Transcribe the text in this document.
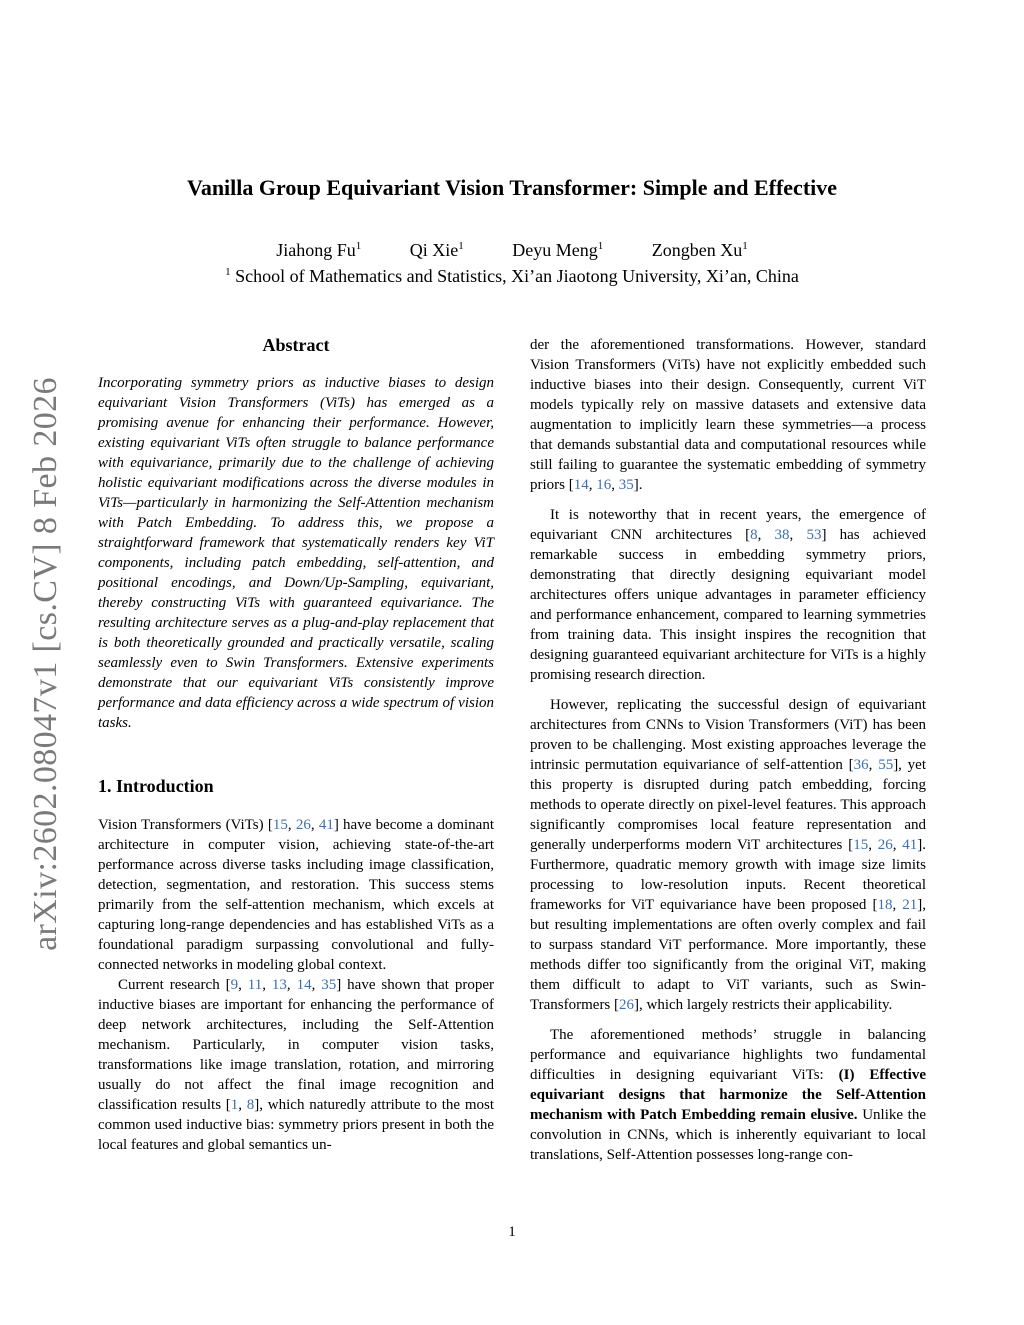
arXiv:2602.08047v1 [cs.CV] 8 Feb 2026
Vanilla Group Equivariant Vision Transformer: Simple and Effective
Jiahong Fu$^1$	Qi Xie$^1$	Deyu Meng$^1$	Zongben Xu$^1$
$^1$ School of Mathematics and Statistics, Xi’an Jiaotong University, Xi’an, China
Abstract

Incorporating symmetry priors as inductive biases to design equivariant Vision Transformers (ViTs) has emerged as a promising avenue for enhancing their performance. However, existing equivariant ViTs often struggle to balance performance with equivariance, primarily due to the challenge of achieving holistic equivariant modifications across the diverse modules in ViTs—particularly in harmonizing the Self-Attention mechanism with Patch Embedding. To address this, we propose a straightforward framework that systematically renders key ViT components, including patch embedding, self-attention, and positional encodings, and Down/Up-Sampling, equivariant, thereby constructing ViTs with guaranteed equivariance. The resulting architecture serves as a plug-and-play replacement that is both theoretically grounded and practically versatile, scaling seamlessly even to Swin Transformers. Extensive experiments demonstrate that our equivariant ViTs consistently improve performance and data efficiency across a wide spectrum of vision tasks.

1. Introduction

Vision Transformers (ViTs) [15, 26, 41] have become a dominant architecture in computer vision, achieving state-of-the-art performance across diverse tasks including image classification, detection, segmentation, and restoration. This success stems primarily from the self-attention mechanism, which excels at capturing long-range dependencies and has established ViTs as a foundational paradigm surpassing convolutional and fully-connected networks in modeling global context.

Current research [9, 11, 13, 14, 35] have shown that proper inductive biases are important for enhancing the performance of deep network architectures, including the Self-Attention mechanism. Particularly, in computer vision tasks, transformations like image translation, rotation, and mirroring usually do not affect the final image recognition and classification results [1, 8], which naturedly attribute to the most common used inductive bias: symmetry priors present in both the local features and global semantics un-

der the aforementioned transformations. However, standard Vision Transformers (ViTs) have not explicitly embedded such inductive biases into their design. Consequently, current ViT models typically rely on massive datasets and extensive data augmentation to implicitly learn these symmetries—a process that demands substantial data and computational resources while still failing to guarantee the systematic embedding of symmetry priors [14, 16, 35].

It is noteworthy that in recent years, the emergence of equivariant CNN architectures [8, 38, 53] has achieved remarkable success in embedding symmetry priors, demonstrating that directly designing equivariant model architectures offers unique advantages in parameter efficiency and performance enhancement, compared to learning symmetries from training data. This insight inspires the recognition that designing guaranteed equivariant architecture for ViTs is a highly promising research direction.

However, replicating the successful design of equivariant architectures from CNNs to Vision Transformers (ViT) has been proven to be challenging. Most existing approaches leverage the intrinsic permutation equivariance of self-attention [36, 55], yet this property is disrupted during patch embedding, forcing methods to operate directly on pixel-level features. This approach significantly compromises local feature representation and generally underperforms modern ViT architectures [15, 26, 41]. Furthermore, quadratic memory growth with image size limits processing to low-resolution inputs. Recent theoretical frameworks for ViT equivariance have been proposed [18, 21], but resulting implementations are often overly complex and fail to surpass standard ViT performance. More importantly, these methods differ too significantly from the original ViT, making them difficult to adapt to ViT variants, such as Swin-Transformers [26], which largely restricts their applicability.

The aforementioned methods’ struggle in balancing performance and equivariance highlights two fundamental difficulties in designing equivariant ViTs: (I) Effective equivariant designs that harmonize the Self-Attention mechanism with Patch Embedding remain elusive. Unlike the convolution in CNNs, which is inherently equivariant to local translations, Self-Attention possesses long-range con-

1
